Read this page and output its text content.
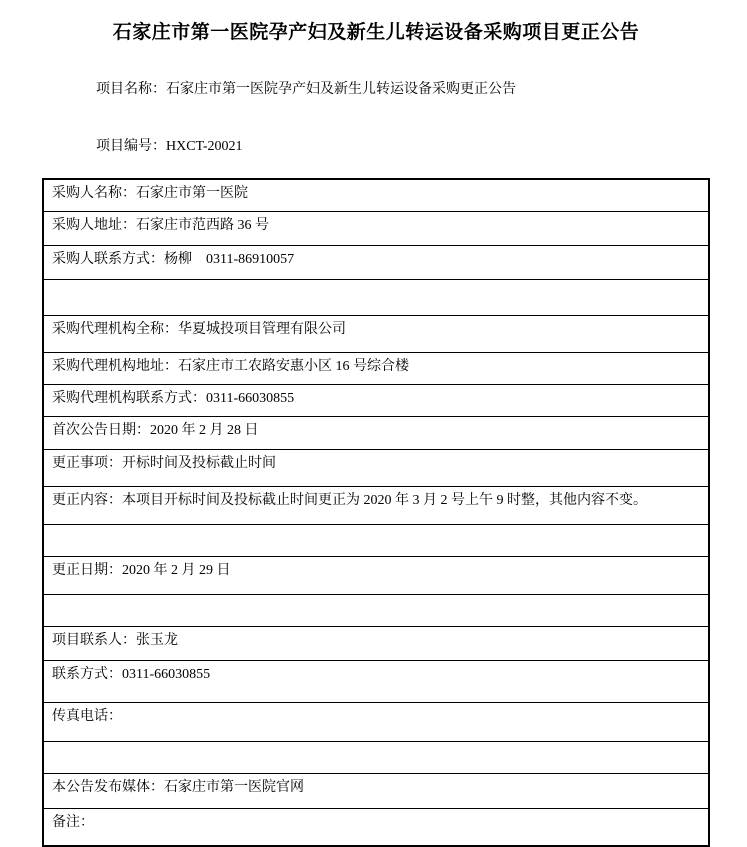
石家庄市第一医院孕产妇及新生儿转运设备采购项目更正公告

项目名称：石家庄市第一医院孕产妇及新生儿转运设备采购更正公告

项目编号：HXCT-20021

采购人名称：石家庄市第一医院
采购人地址：石家庄市范西路 36 号
采购人联系方式：杨柳    0311-86910057
采购代理机构全称：华夏城投项目管理有限公司
采购代理机构地址：石家庄市工农路安惠小区 16 号综合楼
采购代理机构联系方式：0311-66030855
首次公告日期：2020 年 2 月 28 日
更正事项：开标时间及投标截止时间
更正内容：本项目开标时间及投标截止时间更正为 2020 年 3 月 2 号上午 9 时整，其他内容不变。
更正日期：2020 年 2 月 29 日
项目联系人：张玉龙
联系方式：0311-66030855
传真电话：
本公告发布媒体：石家庄市第一医院官网
备注：
